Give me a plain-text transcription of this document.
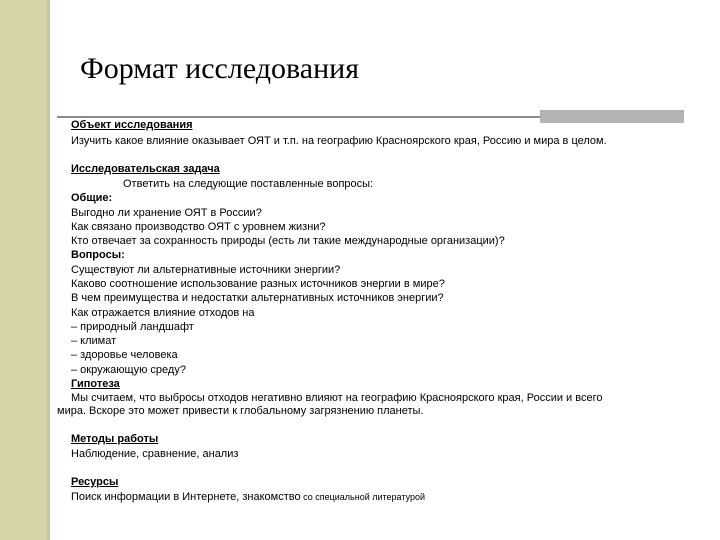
Формат исследования
Объект исследования
Изучить какое влияние оказывает ОЯТ и т.п. на географию Красноярского края, Россию и мира в целом.
Исследовательская задача
Ответить на следующие поставленные вопросы:
Общие:
Выгодно ли хранение ОЯТ в России?
Как связано производство ОЯТ с уровнем жизни?
Кто отвечает за сохранность природы (есть ли такие международные организации)?
Вопросы:
Существуют ли альтернативные источники энергии?
Каково соотношение использование разных источников энергии в мире?
В чем преимущества и недостатки альтернативных источников энергии?
Как отражается влияние отходов на
– природный ландшафт
– климат
– здоровье человека
– окружающую среду?
Гипотеза
Мы считаем, что выбросы отходов негативно влияют на географию Красноярского края, России и всего
мира. Вскоре это может привести к глобальному загрязнению планеты.
Методы работы
Наблюдение, сравнение, анализ
Ресурсы
Поиск информации в Интернете, знакомство со специальной литературой
